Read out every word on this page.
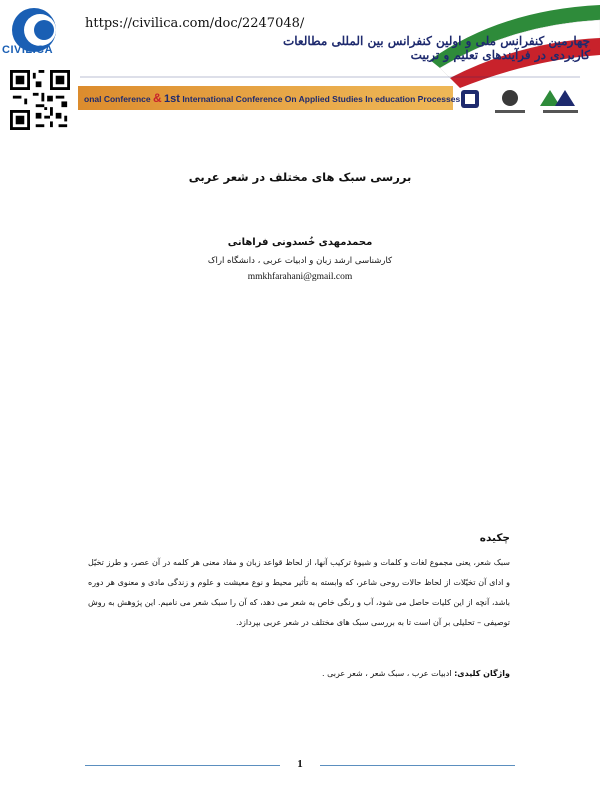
CIVILICA
https://civilica.com/doc/2247048/
چهارمین کنفرانس ملی و اولین کنفرانس بین المللی مطالعات کاربردی در فرآیندهای تعلیم و تربیت
onal Conference & 1st International Conference On Applied Studies In education Processes
بررسی سبک های مختلف در شعر عربی
محمدمهدی خُسدونی فراهانی
کارشناسی ارشد زبان و ادبیات عربی ، دانشگاه اراک
mmkhfarahani@gmail.com
چکیده
سبک شعر، یعنی مجموع لغات و کلمات و شیوهٔ ترکیب آنها، از لحاظ قواعد زبان و مفاد معنی هر کلمه در آن عصر، و طرز تخیّل و ادای آن تخیّلات از لحاظ حالات روحی شاعر، که وابسته به تأثیر محیط و نوع معیشت و علوم و زندگی مادی و معنوی هر دوره باشد، آنچه از این کلیات حاصل می شود، آب و رنگی خاص به شعر می دهد، که آن را سبک شعر می نامیم. این پژوهش به روش توصیفی – تحلیلی بر آن است تا به بررسی سبک های مختلف در شعر عربی بپردازد.
واژگان کلیدی: ادبیات عرب ، سبک شعر ، شعر عربی .
1
